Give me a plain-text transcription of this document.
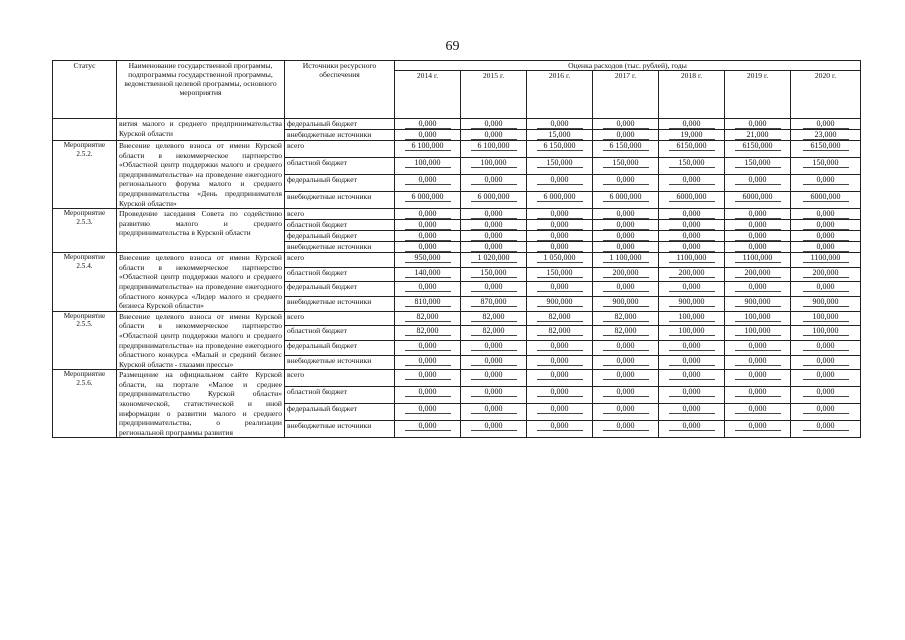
69
Статус	Наименование государственной программы, подпрограммы государственной программы, ведомственной целевой программы, основного мероприятия	Источники ресурсного обеспечения	Оценка расходов (тыс. рублей), годы						
			2014 г.	2015 г.	2016 г.	2017 г.	2018 г.	2019 г.	2020 г.
	вития малого и среднего предпринимательства Курской области	федеральный бюджет	0,000	0,000	0,000	0,000	0,000	0,000	0,000
		внебюджетные источники	0,000	0,000	15,000	0,000	19,000	21,000	23,000
Мероприятие 2.5.2.	Внесение целевого взноса от имени Курской области в некоммерческое партнерство «Областной центр поддержки малого и среднего предпринимательства» на проведение ежегодного регионального форума малого и среднего предпринимательства «День предпринимателя Курской области»	всего	6 100,000	6 100,000	6 150,000	6 150,000	6150,000	6150,000	6150,000
		областной бюджет	100,000	100,000	150,000	150,000	150,000	150,000	150,000
		федеральный бюджет	0,000	0,000	0,000	0,000	0,000	0,000	0,000
		внебюджетные источники	6 000,000	6 000,000	6 000,000	6 000,000	6000,000	6000,000	6000,000
Мероприятие 2.5.3.	Проведение заседания Совета по содействию развитию малого и среднего предпринимательства в Курской области	всего	0,000	0,000	0,000	0,000	0,000	0,000	0,000
		областной бюджет	0,000	0,000	0,000	0,000	0,000	0,000	0,000
		федеральный бюджет	0,000	0,000	0,000	0,000	0,000	0,000	0,000
		внебюджетные источники	0,000	0,000	0,000	0,000	0,000	0,000	0,000
Мероприятие 2.5.4.	Внесение целевого взноса от имени Курской области в некоммерческое партнерство «Областной центр поддержки малого и среднего предпринимательства» на проведение ежегодного областного конкурса «Лидер малого и среднего бизнеса Курской области»	всего	950,000	1 020,000	1 050,000	1 100,000	1100,000	1100,000	1100,000
		областной бюджет	140,000	150,000	150,000	200,000	200,000	200,000	200,000
		федеральный бюджет	0,000	0,000	0,000	0,000	0,000	0,000	0,000
		внебюджетные источники	810,000	870,000	900,000	900,000	900,000	900,000	900,000
Мероприятие 2.5.5.	Внесение целевого взноса от имени Курской области в некоммерческое партнерство «Областной центр поддержки малого и среднего предпринимательства» на проведение ежегодного областного конкурса «Малый и средний бизнес Курской области - глазами прессы»	всего	82,000	82,000	82,000	82,000	100,000	100,000	100,000
		областной бюджет	82,000	82,000	82,000	82,000	100,000	100,000	100,000
		федеральный бюджет	0,000	0,000	0,000	0,000	0,000	0,000	0,000
		внебюджетные источники	0,000	0,000	0,000	0,000	0,000	0,000	0,000
Мероприятие 2.5.6.	Размещение на официальном сайте Курской области, на портале «Малое и среднее предпринимательство Курской области» экономической, статистической и иной информации о развитии малого и среднего предпринимательства, о реализации региональной программы развития	всего	0,000	0,000	0,000	0,000	0,000	0,000	0,000
		областной бюджет	0,000	0,000	0,000	0,000	0,000	0,000	0,000
		федеральный бюджет	0,000	0,000	0,000	0,000	0,000	0,000	0,000
		внебюджетные источники	0,000	0,000	0,000	0,000	0,000	0,000	0,000
